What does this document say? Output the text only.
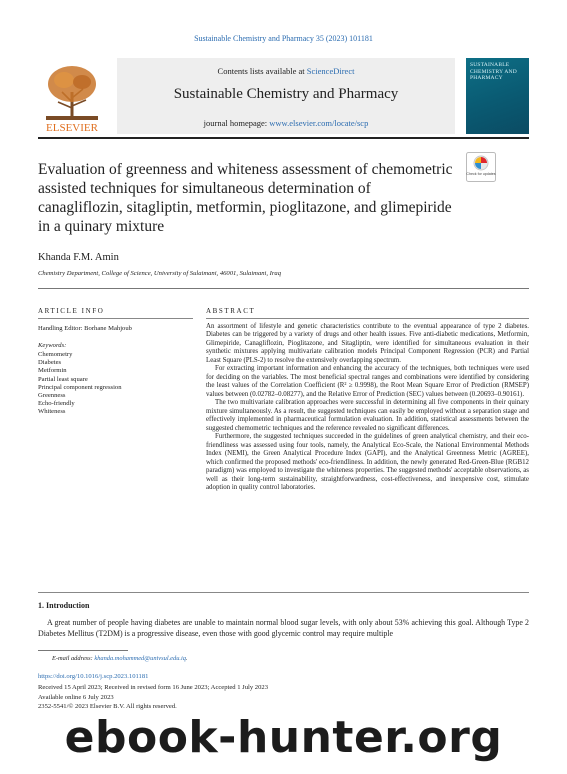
Sustainable Chemistry and Pharmacy 35 (2023) 101181
ELSEVIER
Contents lists available at ScienceDirect
Sustainable Chemistry and Pharmacy
journal homepage: www.elsevier.com/locate/scp
SUSTAINABLE CHEMISTRY AND PHARMACY
Evaluation of greenness and whiteness assessment of chemometric assisted techniques for simultaneous determination of canagliflozin, sitagliptin, metformin, pioglitazone, and glimepiride in a quinary mixture
Check for updates
Khanda F.M. Amin
Chemistry Department, College of Science, University of Sulaimani, 46001, Sulaimani, Iraq
ARTICLE INFO
Handling Editor: Borhane Mahjoub
Keywords:
Chemometry
Diabetes
Metformin
Partial least square
Principal component regression
Greenness
Echo-friendly
Whiteness
ABSTRACT

An assortment of lifestyle and genetic characteristics contribute to the eventual appearance of type 2 diabetes. Diabetes can be triggered by a variety of drugs and other health issues. Five anti-diabetic medications, Metformin, Glimepiride, Canagliflozin, Pioglitazone, and Sitagliptin, were identified for simultaneous evaluation in their synthetic mixtures applying multivariate calibration models Principal Component Regression (PCR) and Partial Least Square (PLS-2) to resolve the extensively overlapping spectrum.

For extracting important information and enhancing the accuracy of the techniques, both techniques were used for deciding on the variables. The most beneficial spectral ranges and combinations were identified by considering the least values of the Correlation Coefficient (R² ≥ 0.9998), the Root Mean Square Error of Prediction (RMSEP) values between (0.02782–0.08277), and the Relative Error of Prediction (SEC) values between (0.20693–0.90161).

The two multivariate calibration approaches were successful in determining all five components in their quinary mixture simultaneously. As a result, the suggested techniques can easily be employed without a separation stage and effectively implemented in pharmaceutical formulation evaluation. In addition, statistical assessments between the suggested chemometric techniques and the reference revealed no significant differences.

Furthermore, the suggested techniques succeeded in the guidelines of green analytical chemistry, and their eco-friendliness was assessed using four tools, namely, the Analytical Eco-Scale, the National Environmental Methods Index (NEMI), the Green Analytical Procedure Index (GAPI), and the Analytical Greenness Metric (AGREE), which confirmed the proposed methods' eco-friendliness. In addition, the newly generated Red-Green-Blue (RGB12 paradigm) was employed to investigate the whiteness properties. The suggested methods' acceptable observations, as well as their long-term sustainability, straightforwardness, cost-effectiveness, and inexpensive cost, stimulate adoption in quality control laboratories.

1. Introduction
A great number of people having diabetes are unable to maintain normal blood sugar levels, with only about 53% achieving this goal. Although Type 2 Diabetes Mellitus (T2DM) is a progressive disease, even those with good glycemic control may require multiple
E-mail address: khanda.mohammed@univsul.edu.iq.
https://doi.org/10.1016/j.scp.2023.101181
Received 15 April 2023; Received in revised form 16 June 2023; Accepted 1 July 2023
Available online 6 July 2023
2352-5541/© 2023 Elsevier B.V. All rights reserved.
ebook-hunter.org
